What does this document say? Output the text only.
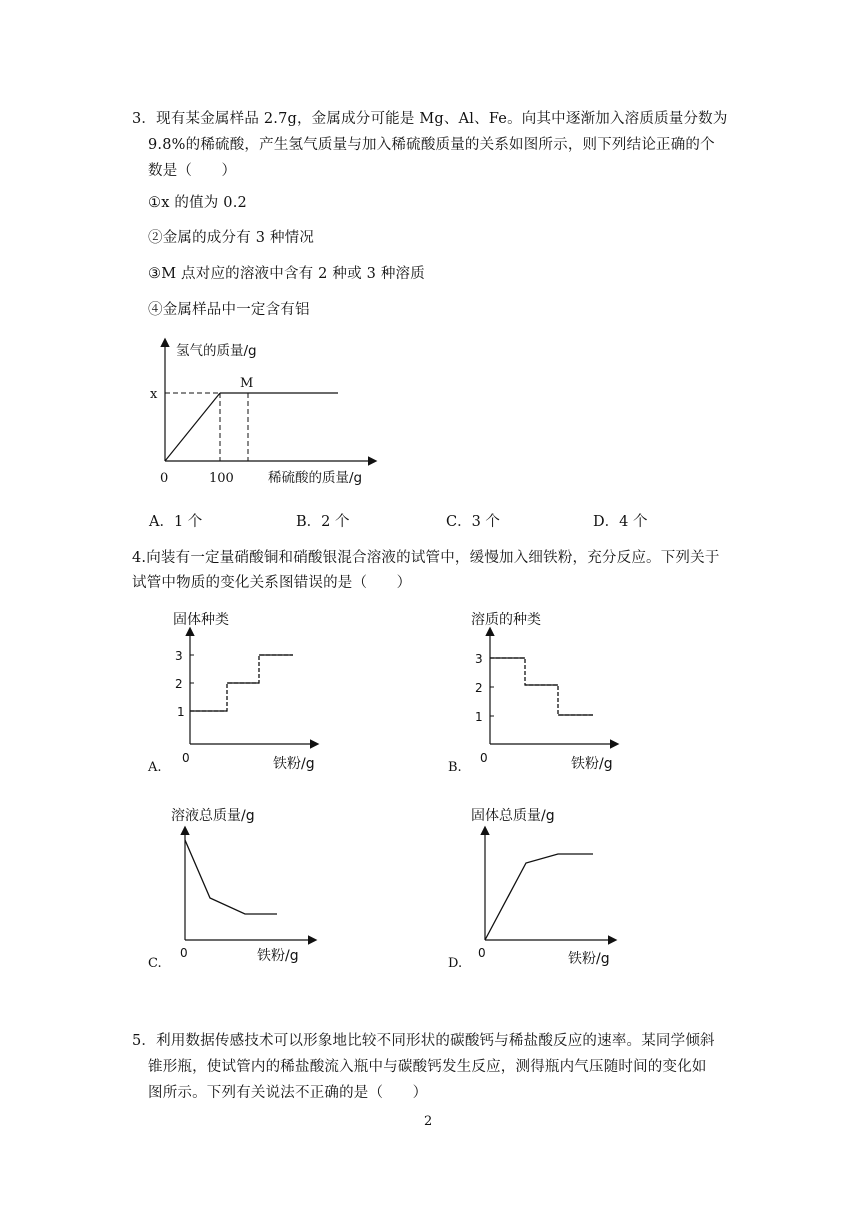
3．现有某金属样品 2.7g，金属成分可能是 Mg、Al、Fe。向其中逐渐加入溶质质量分数为
9.8%的稀硫酸，产生氢气质量与加入稀硫酸质量的关系如图所示，则下列结论正确的个
数是（　　）
①x 的值为 0.2
②金属的成分有 3 种情况
③M 点对应的溶液中含有 2 种或 3 种溶质
④金属样品中一定含有铝
氢气的质量/g
稀硫酸的质量/g
x
100
0
M
A．1 个	B．2 个	C．3 个	D．4 个
4.向装有一定量硝酸铜和硝酸银混合溶液的试管中，缓慢加入细铁粉，充分反应。下列关于
试管中物质的变化关系图错误的是（　　）
固体种类
1
2
3
0	铁粉/g
A.
溶质的种类
1
2
3
0	铁粉/g
B.
溶液总质量/g
0	铁粉/g
C.
固体总质量/g
0	铁粉/g
D.
5．利用数据传感技术可以形象地比较不同形状的碳酸钙与稀盐酸反应的速率。某同学倾斜
锥形瓶，使试管内的稀盐酸流入瓶中与碳酸钙发生反应，测得瓶内气压随时间的变化如
图所示。下列有关说法不正确的是（　　）
2
